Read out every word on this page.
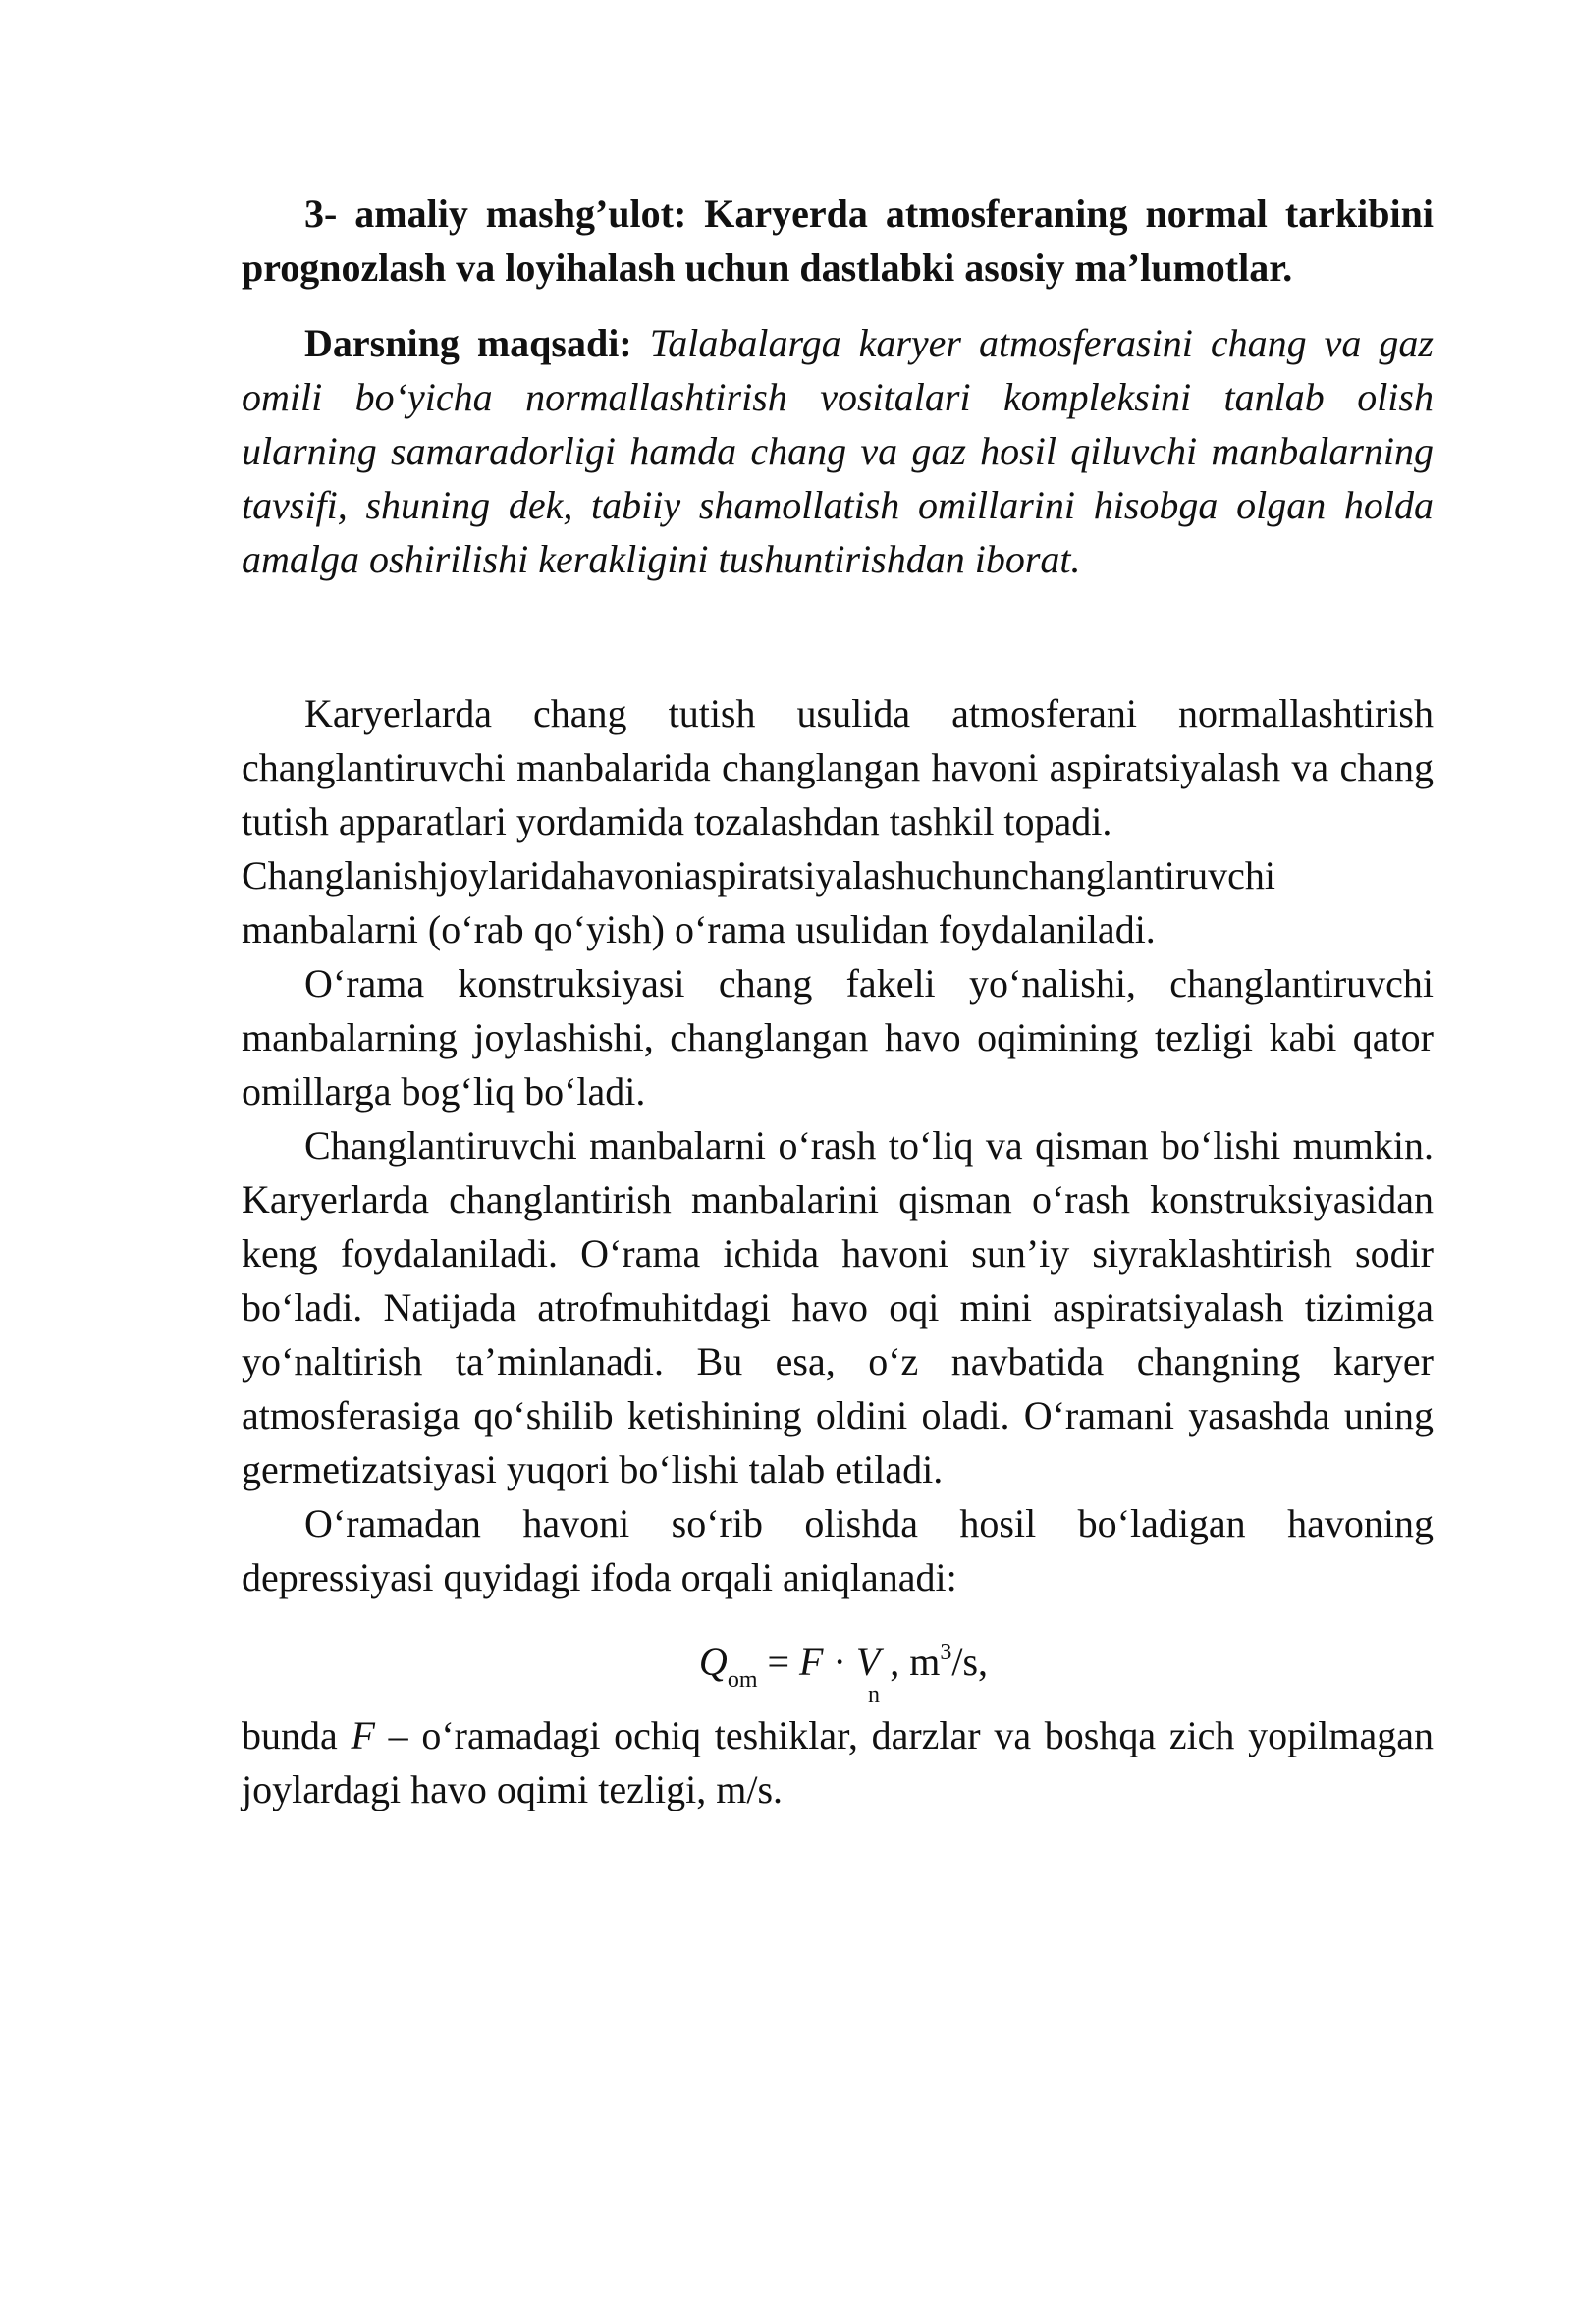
3- amaliy mashg’ulot: Karyerda atmosferaning normal tarkibini prognozlash va loyihalash uchun dastlabki asosiy ma’lumotlar.

Darsning maqsadi: Talabalarga karyer atmosferasini chang va gaz omili bo‘yicha normallashtirish vositalari kompleksini tanlab olish ularning samaradorligi hamda chang va gaz hosil qiluvchi manbalarning tavsifi, shuning dek, tabiiy shamollatish omillarini hisobga olgan holda amalga oshirilishi kerakligini tushuntirishdan iborat.

Karyerlarda chang tutish usulida atmosferani normallashtirish changlantiruvchi manbalarida changlangan havoni aspiratsiyalash va chang tutish apparatlari yordamida tozalashdan tashkil topadi.
Changlanishjoylaridahavoniaspiratsiyalashuchunchanglantiruvchi
manbalarni (o‘rab qo‘yish) o‘rama usulidan foydalaniladi.

O‘rama konstruksiyasi chang fakeli yo‘nalishi, changlantiruvchi manbalarning joylashishi, changlangan havo oqimining tezligi kabi qator omillarga bog‘liq bo‘ladi.

Changlantiruvchi manbalarni o‘rash to‘liq va qisman bo‘lishi mumkin. Karyerlarda changlantirish manbalarini qisman o‘rash konstruksiyasidan keng foydalaniladi. O‘rama ichida havoni sun’iy siyraklashtirish sodir bo‘ladi. Natijada atrofmuhitdagi havo oqi mini aspiratsiyalash tizimiga yo‘naltirish ta’minlanadi. Bu esa, o‘z navbatida changning karyer atmosferasiga qo‘shilib ketishining oldini oladi. O‘ramani yasashda uning germetizatsiyasi yuqori bo‘lishi talab etiladi.

O‘ramadan havoni so‘rib olishda hosil bo‘ladigan havoning depressiyasi quyidagi ifoda orqali aniqlanadi:

$Q_{om} = F \cdot V$ , $m^3/s$,
n

bunda F – o‘ramadagi ochiq teshiklar, darzlar va boshqa zich yopilmagan joylardagi havo oqimi tezligi, m/s.
